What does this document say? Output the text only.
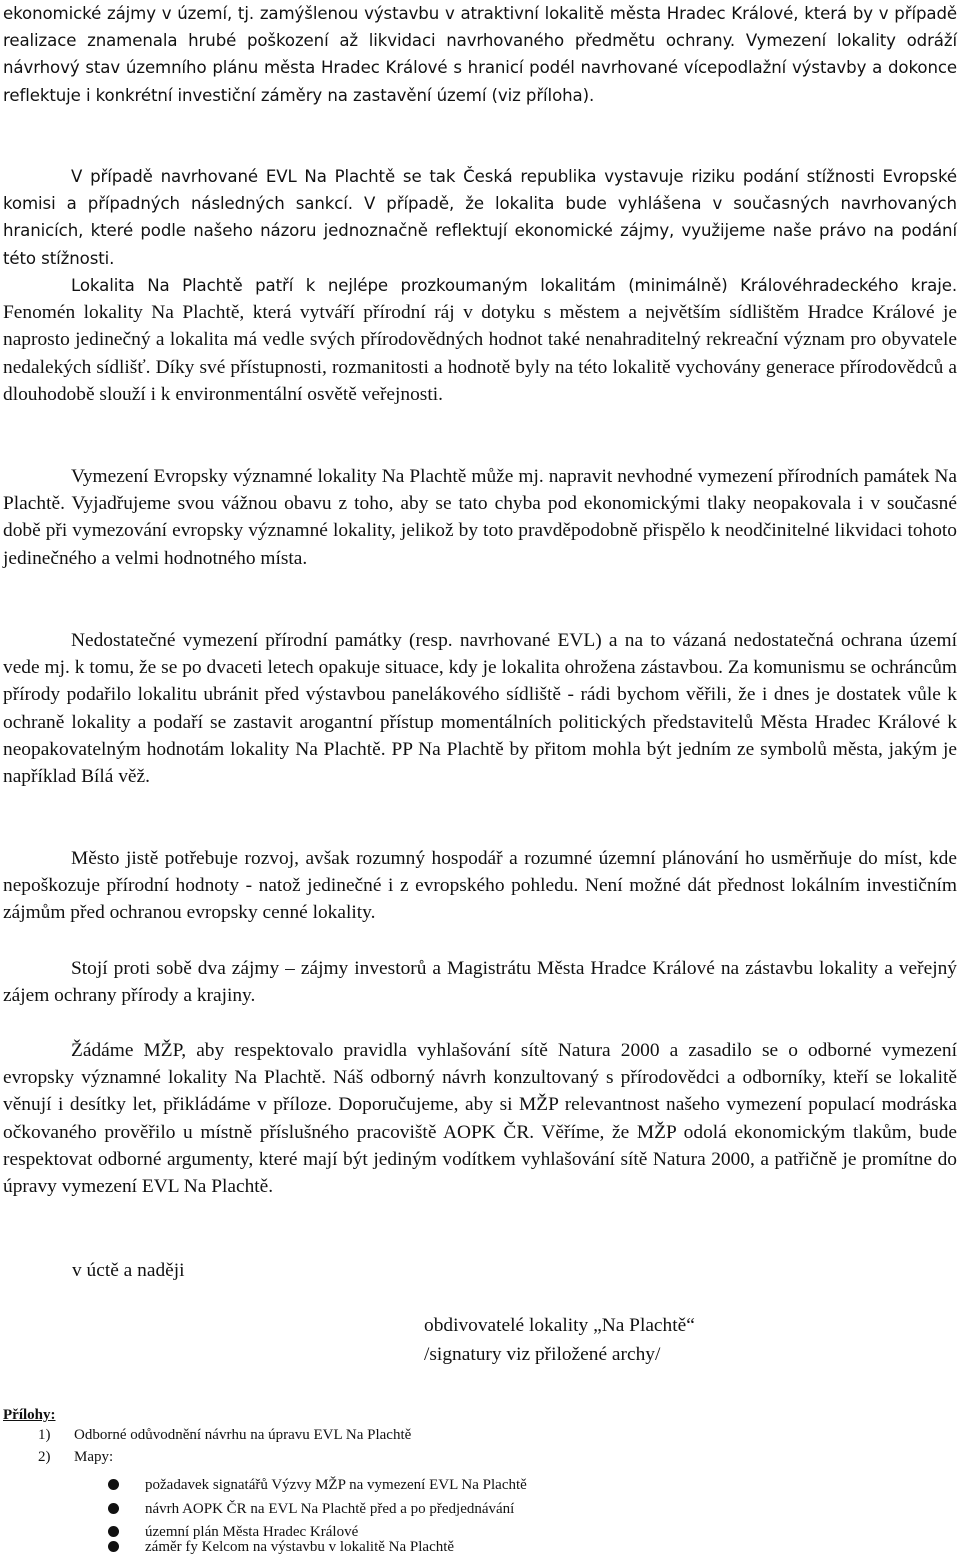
ekonomické zájmy v území, tj. zamýšlenou výstavbu v atraktivní lokalitě města Hradec Králové, která by v případě realizace znamenala hrubé poškození až likvidaci navrhovaného předmětu ochrany. Vymezení lokality odráží návrhový stav územního plánu města Hradec Králové s hranicí podél navrhované vícepodlažní výstavby a dokonce reflektuje i konkrétní investiční záměry na zastavění území (viz příloha).

V případě navrhované EVL Na Plachtě se tak Česká republika vystavuje riziku podání stížnosti Evropské komisi a případných následných sankcí. V případě, že lokalita bude vyhlášena v současných navrhovaných hranicích, které podle našeho názoru jednoznačně reflektují ekonomické zájmy, využijeme naše právo na podání této stížnosti.

Lokalita Na Plachtě patří k nejlépe prozkoumaným lokalitám (minimálně) Královéhradeckého kraje. Fenomén lokality Na Plachtě, která vytváří přírodní ráj v dotyku s městem a největším sídlištěm Hradce Králové je naprosto jedinečný a lokalita má vedle svých přírodovědných hodnot také nenahraditelný rekreační význam pro obyvatele nedalekých sídlišť. Díky své přístupnosti, rozmanitosti a hodnotě byly na této lokalitě vychovány generace přírodovědců a dlouhodobě slouží i k environmentální osvětě veřejnosti.

Vymezení Evropsky významné lokality Na Plachtě může mj. napravit nevhodné vymezení přírodních památek Na Plachtě. Vyjadřujeme svou vážnou obavu z toho, aby se tato chyba pod ekonomickými tlaky neopakovala i v současné době při vymezování evropsky významné lokality, jelikož by toto pravděpodobně přispělo k neodčinitelné likvidaci tohoto jedinečného a velmi hodnotného místa.

Nedostatečné vymezení přírodní památky (resp. navrhované EVL) a na to vázaná nedostatečná ochrana území vede mj. k tomu, že se po dvaceti letech opakuje situace, kdy je lokalita ohrožena zástavbou. Za komunismu se ochráncům přírody podařilo lokalitu ubránit před výstavbou panelákového sídliště - rádi bychom věřili, že i dnes je dostatek vůle k ochraně lokality a podaří se zastavit arogantní přístup momentálních politických představitelů Města Hradec Králové k neopakovatelným hodnotám lokality Na Plachtě. PP Na Plachtě by přitom mohla být jedním ze symbolů města, jakým je například Bílá věž.

Město jistě potřebuje rozvoj, avšak rozumný hospodář a rozumné územní plánování ho usměrňuje do míst, kde nepoškozuje přírodní hodnoty - natož jedinečné i z evropského pohledu. Není možné dát přednost lokálním investičním zájmům před ochranou evropsky cenné lokality.

Stojí proti sobě dva zájmy – zájmy investorů a Magistrátu Města Hradce Králové na zástavbu lokality a veřejný zájem ochrany přírody a krajiny.

Žádáme MŽP, aby respektovalo pravidla vyhlašování sítě Natura 2000 a zasadilo se o odborné vymezení evropsky významné lokality Na Plachtě. Náš odborný návrh konzultovaný s přírodovědci a odborníky, kteří se lokalitě věnují i desítky let, přikládáme v příloze. Doporučujeme, aby si MŽP relevantnost našeho vymezení populací modráska očkovaného prověřilo u místně příslušného pracoviště AOPK ČR. Věříme, že MŽP odolá ekonomickým tlakům, bude respektovat odborné argumenty, které mají být jediným vodítkem vyhlašování sítě Natura 2000, a patřičně je promítne do úpravy vymezení EVL Na Plachtě.

v úctě a naději
obdivovatelé lokality „Na Plachtě“
/signatury viz přiložené archy/
Přílohy:
1) Odborné odůvodnění návrhu na úpravu EVL Na Plachtě
2) Mapy:
požadavek signatářů Výzvy MŽP na vymezení EVL Na Plachtě
návrh AOPK ČR na EVL Na Plachtě před a po předjednávání
územní plán Města Hradec Králové
záměr fy Kelcom na výstavbu v lokalitě Na Plachtě
